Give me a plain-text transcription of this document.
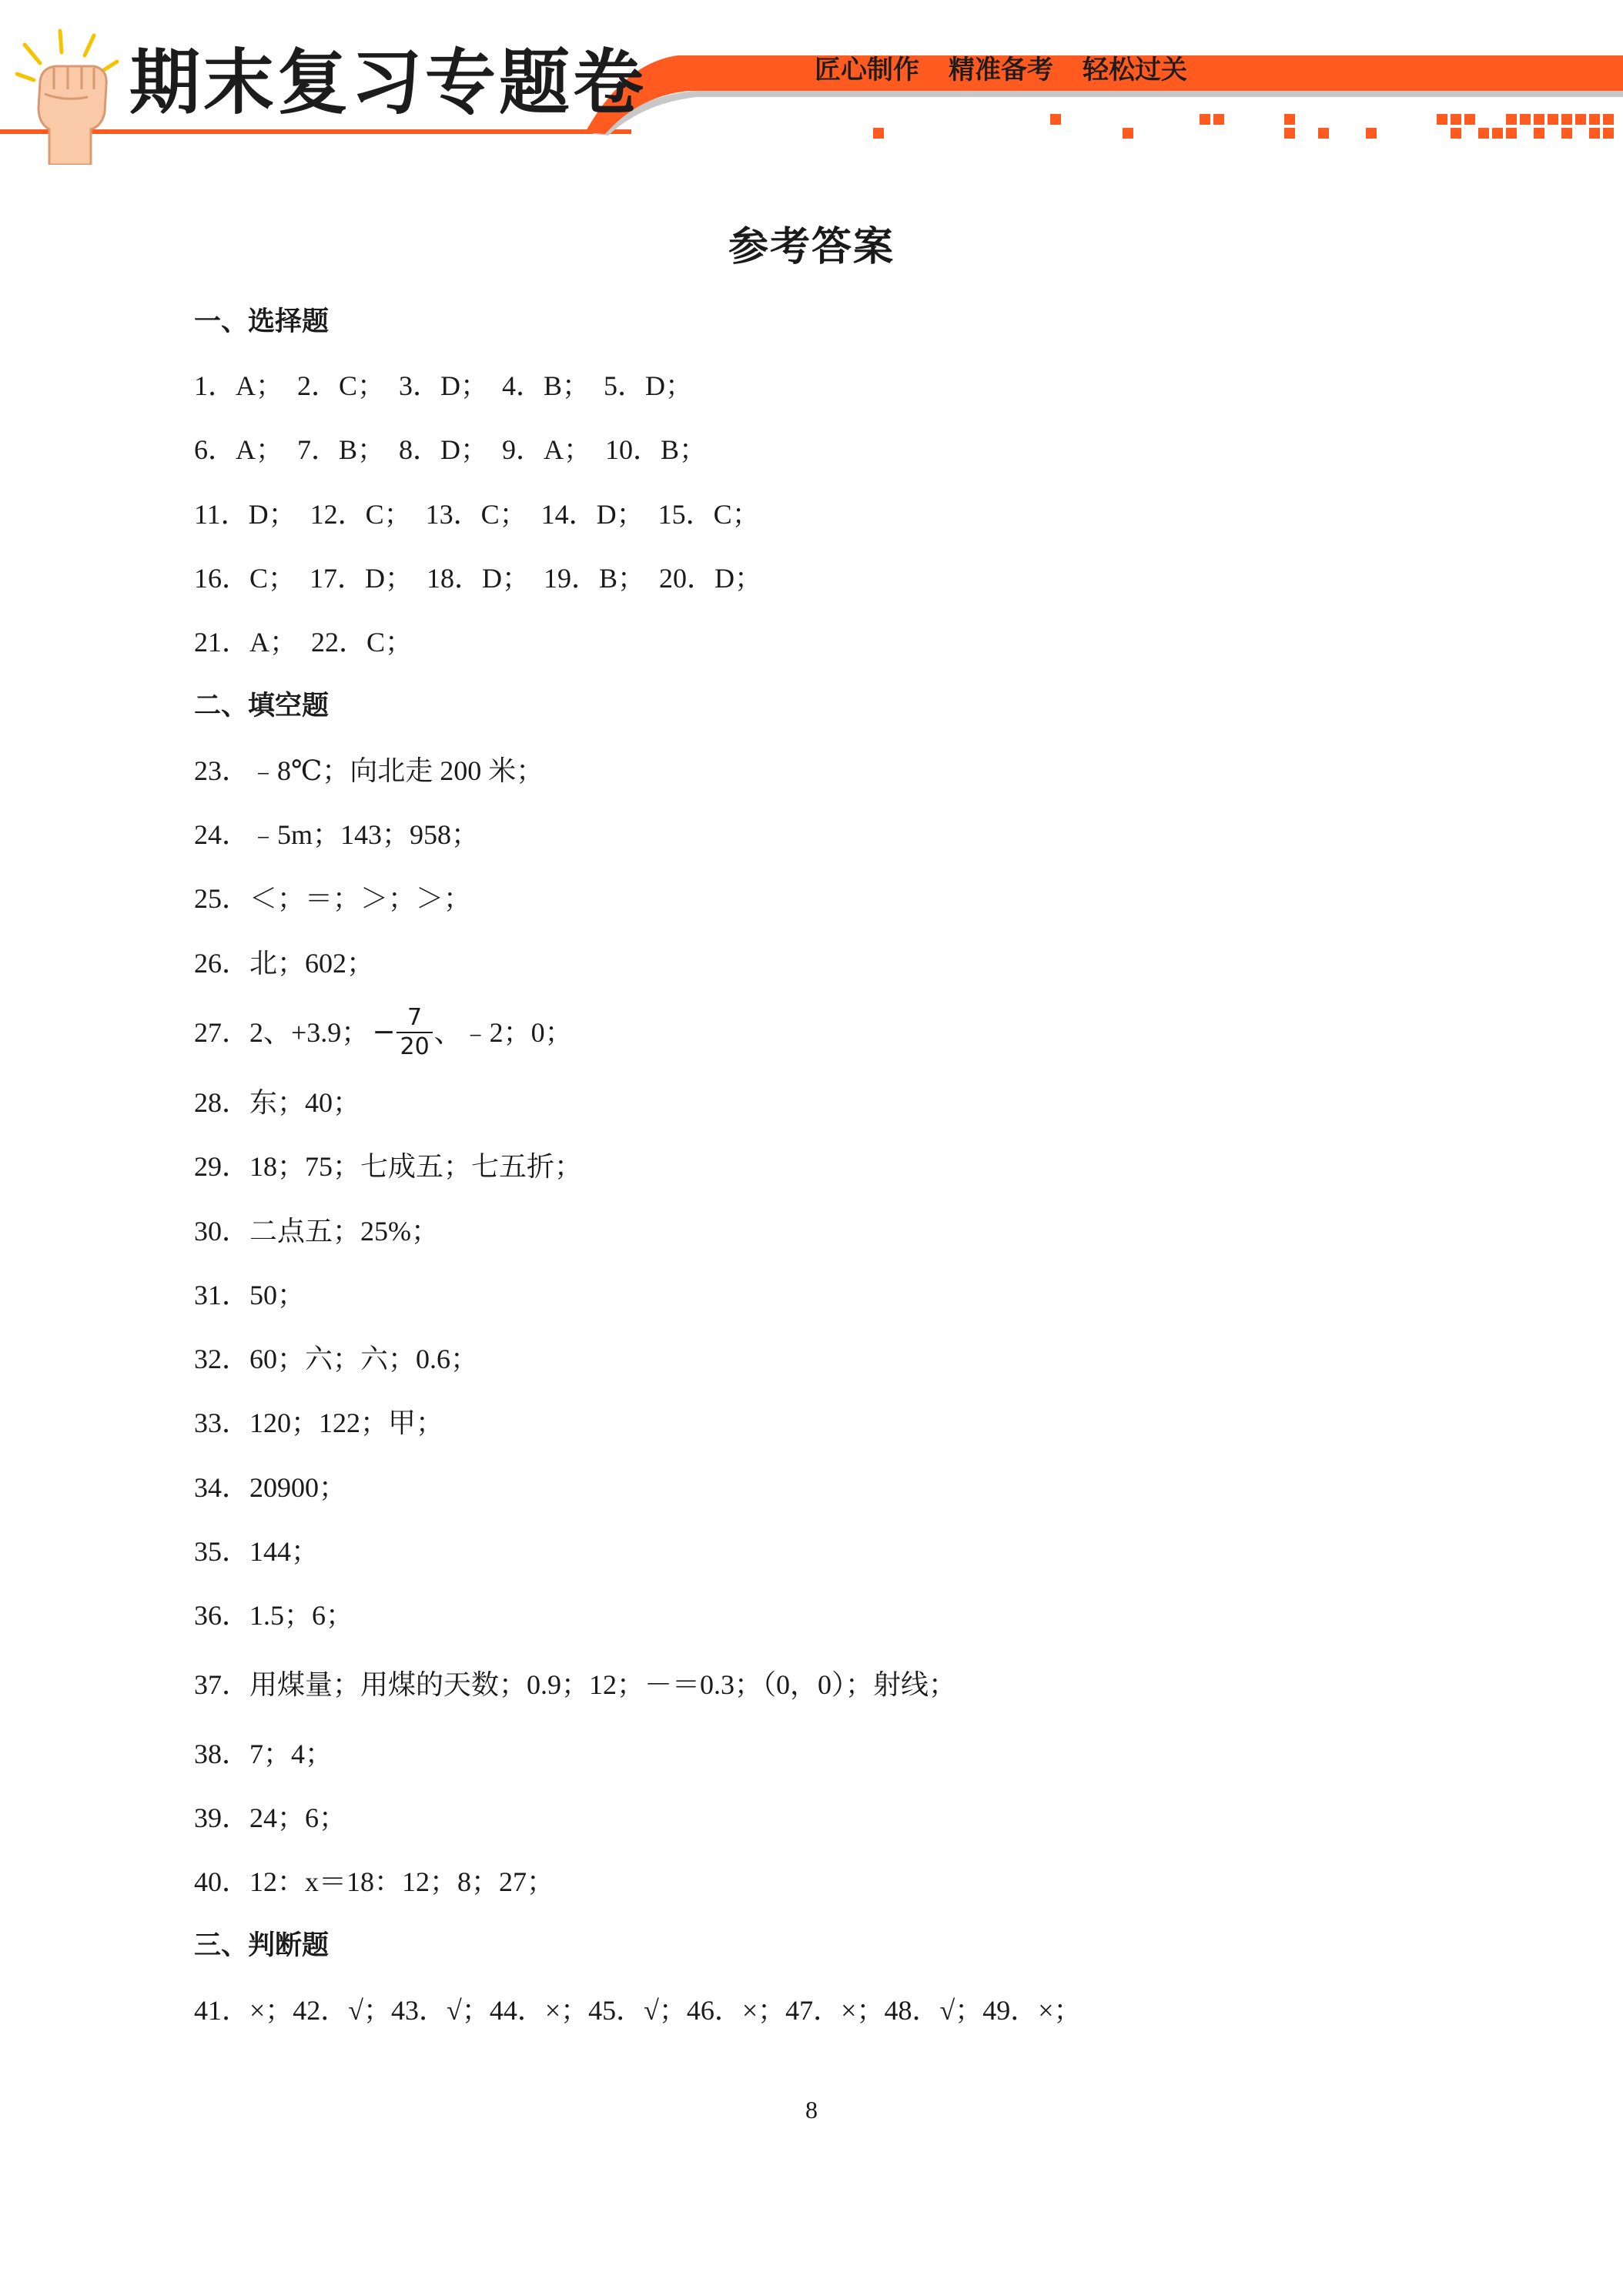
期末复习专题卷	匠心制作 精准备考 轻松过关
参考答案
一、选择题
1．A；  2．C；  3．D；  4．B；  5．D；
6．A；  7．B；  8．D；  9．A；  10．B；
11．D；  12．C；  13．C；  14．D；  15．C；
16．C；  17．D；  18．D；  19．B；  20．D；
21．A；  22．C；
二、填空题
23．﹣8℃；向北走 200 米；
24．﹣5m；143；958；
25．＜；＝；＞；＞；
26．北；602；
27．2、+3.9； − $\frac{7}{20}$ 、﹣2；0；
28．东；40；
29．18；75；七成五；七五折；
30．二点五；25%；
31．50；
32．60；六；六；0.6；
33．120；122；甲；
34．20900；
35．144；
36．1.5；6；
37．用煤量；用煤的天数；0.9；12；－＝0.3；（0，0）；射线；
38．7；4；
39．24；6；
40．12：x＝18：12；8；27；
三、判断题
41．×；42．√；43．√；44．×；45．√；46．×；47．×；48．√；49．×；
8
